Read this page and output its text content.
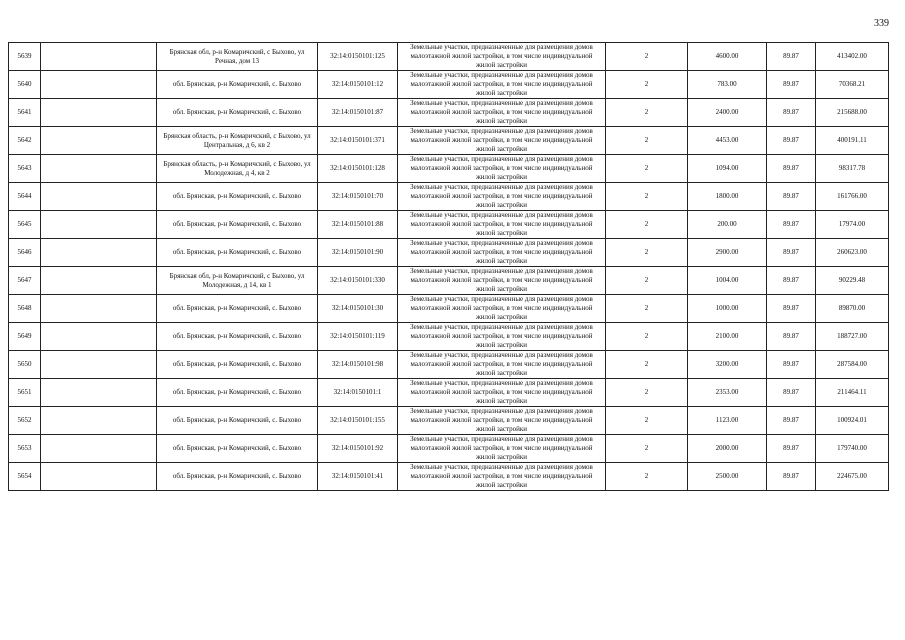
339
5639		Брянская обл, р-н Комаричский, с Быхово, ул Речная, дом 13	32:14:0150101:125	Земельные участки, предназначенные для размещения домов малоэтажной жилой застройки, в том числе индивидуальной жилой застройки	2	4600.00	89.87	413402.00
5640		обл. Брянская, р-н Комаричский, с. Быхово	32:14:0150101:12	Земельные участки, предназначенные для размещения домов малоэтажной жилой застройки, в том числе индивидуальной жилой застройки	2	783.00	89.87	70368.21
5641		обл. Брянская, р-н Комаричский, с. Быхово	32:14:0150101:87	Земельные участки, предназначенные для размещения домов малоэтажной жилой застройки, в том числе индивидуальной жилой застройки	2	2400.00	89.87	215688.00
5642		Брянская область, р-н Комаричский, с Быхово, ул Центральная, д 6, кв 2	32:14:0150101:371	Земельные участки, предназначенные для размещения домов малоэтажной жилой застройки, в том числе индивидуальной жилой застройки	2	4453.00	89.87	400191.11
5643		Брянская область, р-н Комаричский, с Быхово, ул Молодежная, д 4, кв 2	32:14:0150101:128	Земельные участки, предназначенные для размещения домов малоэтажной жилой застройки, в том числе индивидуальной жилой застройки	2	1094.00	89.87	98317.78
5644		обл. Брянская, р-н Комаричский, с. Быхово	32:14:0150101:70	Земельные участки, предназначенные для размещения домов малоэтажной жилой застройки, в том числе индивидуальной жилой застройки	2	1800.00	89.87	161766.00
5645		обл. Брянская, р-н Комаричский, с. Быхово	32:14:0150101:88	Земельные участки, предназначенные для размещения домов малоэтажной жилой застройки, в том числе индивидуальной жилой застройки	2	200.00	89.87	17974.00
5646		обл. Брянская, р-н Комаричский, с. Быхово	32:14:0150101:90	Земельные участки, предназначенные для размещения домов малоэтажной жилой застройки, в том числе индивидуальной жилой застройки	2	2900.00	89.87	260623.00
5647		Брянская обл, р-н Комаричский, с Быхово, ул Молодежная, д 14, кв 1	32:14:0150101:330	Земельные участки, предназначенные для размещения домов малоэтажной жилой застройки, в том числе индивидуальной жилой застройки	2	1004.00	89.87	90229.48
5648		обл. Брянская, р-н Комаричский, с. Быхово	32:14:0150101:30	Земельные участки, предназначенные для размещения домов малоэтажной жилой застройки, в том числе индивидуальной жилой застройки	2	1000.00	89.87	89870.00
5649		обл. Брянская, р-н Комаричский, с. Быхово	32:14:0150101:119	Земельные участки, предназначенные для размещения домов малоэтажной жилой застройки, в том числе индивидуальной жилой застройки	2	2100.00	89.87	188727.00
5650		обл. Брянская, р-н Комаричский, с. Быхово	32:14:0150101:98	Земельные участки, предназначенные для размещения домов малоэтажной жилой застройки, в том числе индивидуальной жилой застройки	2	3200.00	89.87	287584.00
5651		обл. Брянская, р-н Комаричский, с. Быхово	32:14:0150101:1	Земельные участки, предназначенные для размещения домов малоэтажной жилой застройки, в том числе индивидуальной жилой застройки	2	2353.00	89.87	211464.11
5652		обл. Брянская, р-н Комаричский, с. Быхово	32:14:0150101:155	Земельные участки, предназначенные для размещения домов малоэтажной жилой застройки, в том числе индивидуальной жилой застройки	2	1123.00	89.87	100924.01
5653		обл. Брянская, р-н Комаричский, с. Быхово	32:14:0150101:92	Земельные участки, предназначенные для размещения домов малоэтажной жилой застройки, в том числе индивидуальной жилой застройки	2	2000.00	89.87	179740.00
5654		обл. Брянская, р-н Комаричский, с. Быхово	32:14:0150101:41	Земельные участки, предназначенные для размещения домов малоэтажной жилой застройки, в том числе индивидуальной жилой застройки	2	2500.00	89.87	224675.00
